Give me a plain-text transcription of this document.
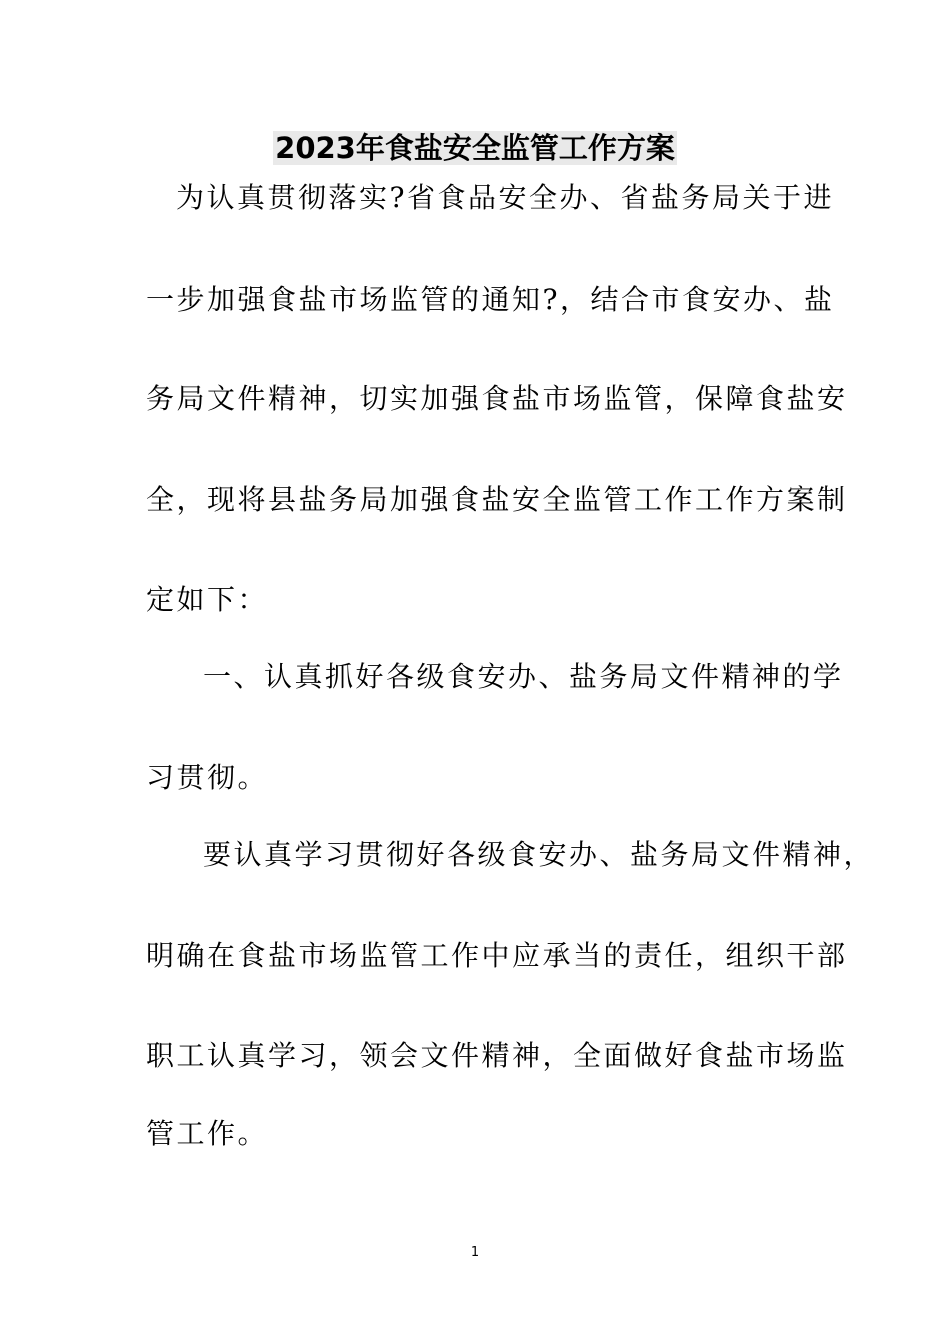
2023年食盐安全监管工作方案
为认真贯彻落实?省食品安全办、省盐务局关于进
一步加强食盐市场监管的通知?，结合市食安办、盐
务局文件精神，切实加强食盐市场监管，保障食盐安
全，现将县盐务局加强食盐安全监管工作工作方案制
定如下：
一、认真抓好各级食安办、盐务局文件精神的学
习贯彻。
要认真学习贯彻好各级食安办、盐务局文件精神，
明确在食盐市场监管工作中应承当的责任，组织干部
职工认真学习，领会文件精神，全面做好食盐市场监
管工作。
1
